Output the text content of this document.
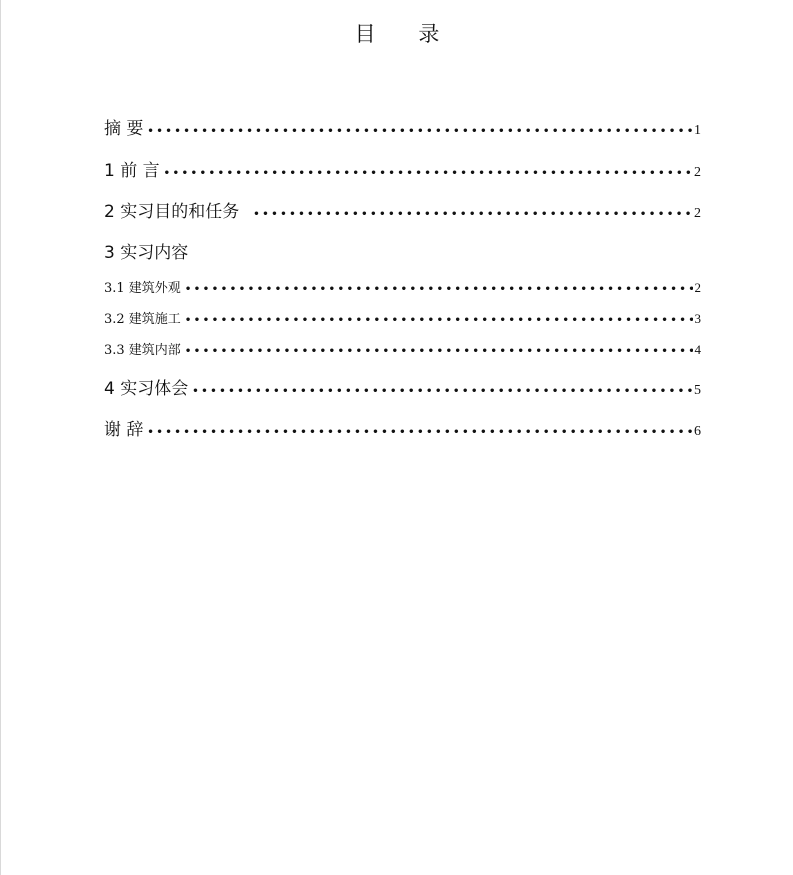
目 录
摘 要 •••••	1
1 前 言 •••••	2
2 实习目的和任务 •••••	2
3 实习内容
3.1 建筑外观 •••••	2
3.2 建筑施工 •••••	3
3.3 建筑内部 •••••	4
4 实习体会 •••••	5
谢 辞 •••••	6
